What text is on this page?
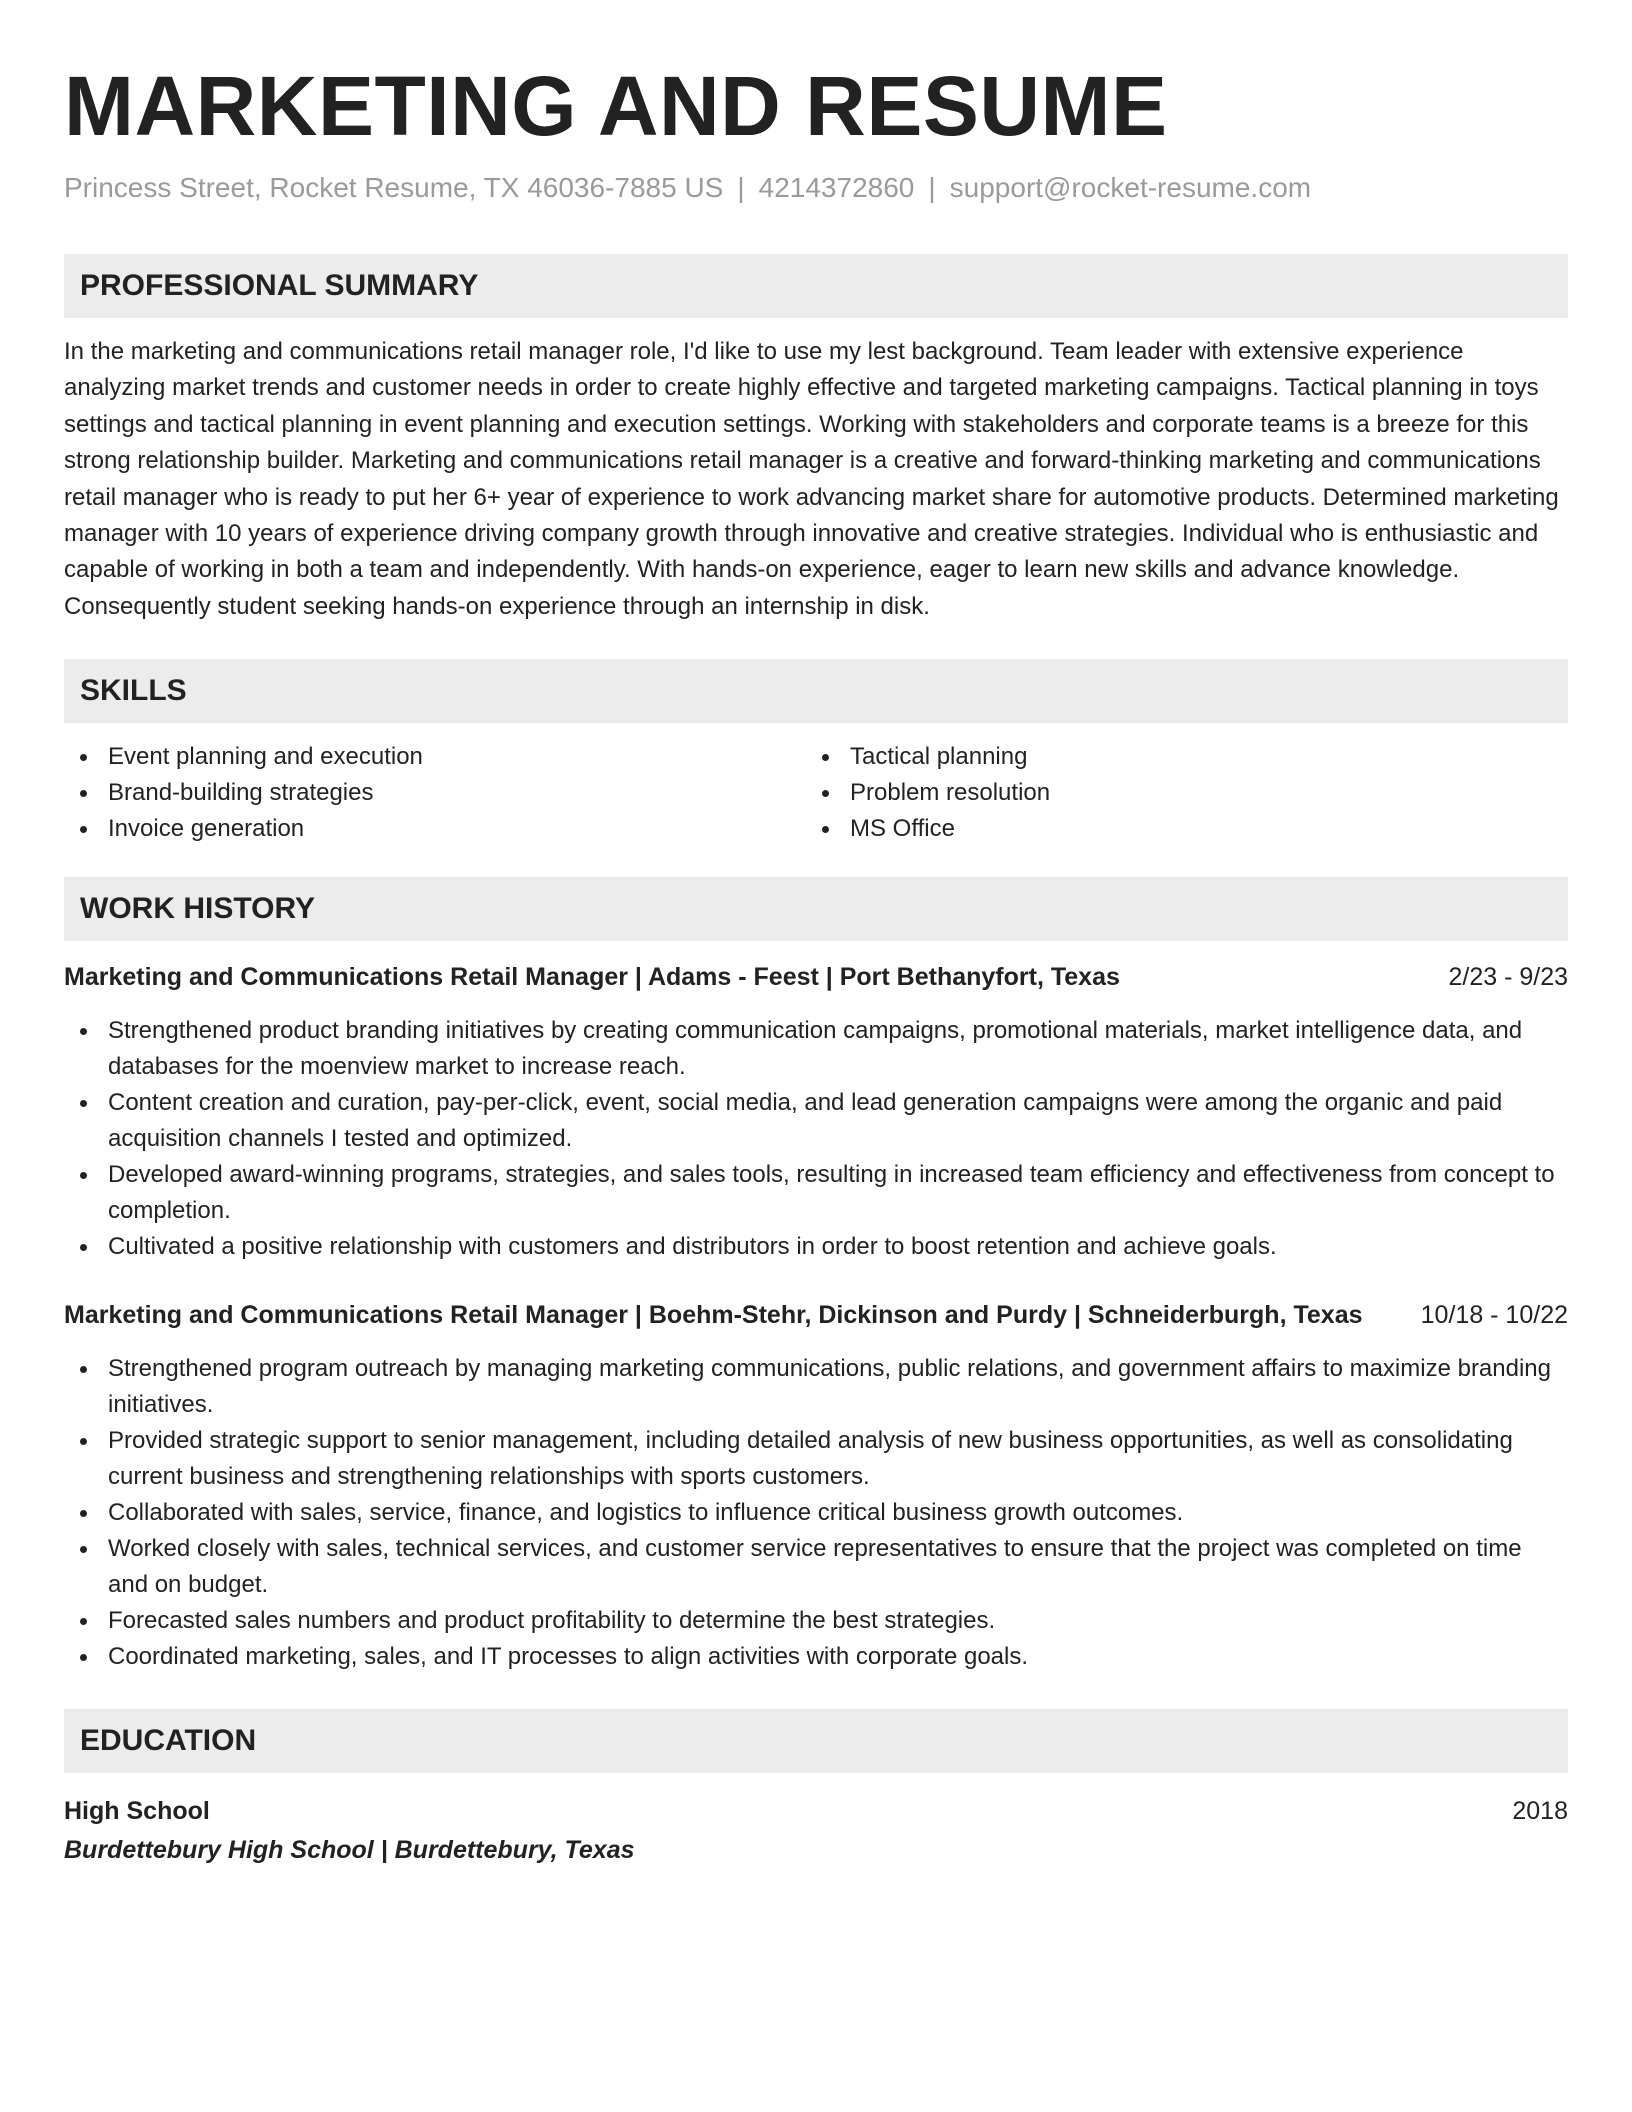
MARKETING AND RESUME
Princess Street, Rocket Resume, TX 46036-7885 US | 4214372860 | support@rocket-resume.com
PROFESSIONAL SUMMARY
In the marketing and communications retail manager role, I'd like to use my lest background. Team leader with extensive experience analyzing market trends and customer needs in order to create highly effective and targeted marketing campaigns. Tactical planning in toys settings and tactical planning in event planning and execution settings. Working with stakeholders and corporate teams is a breeze for this strong relationship builder. Marketing and communications retail manager is a creative and forward-thinking marketing and communications retail manager who is ready to put her 6+ year of experience to work advancing market share for automotive products. Determined marketing manager with 10 years of experience driving company growth through innovative and creative strategies. Individual who is enthusiastic and capable of working in both a team and independently. With hands-on experience, eager to learn new skills and advance knowledge. Consequently student seeking hands-on experience through an internship in disk.
SKILLS
Event planning and execution
Brand-building strategies
Invoice generation
Tactical planning
Problem resolution
MS Office
WORK HISTORY
Marketing and Communications Retail Manager | Adams - Feest | Port Bethanyfort, Texas	2/23 - 9/23
Strengthened product branding initiatives by creating communication campaigns, promotional materials, market intelligence data, and databases for the moenview market to increase reach.
Content creation and curation, pay-per-click, event, social media, and lead generation campaigns were among the organic and paid acquisition channels I tested and optimized.
Developed award-winning programs, strategies, and sales tools, resulting in increased team efficiency and effectiveness from concept to completion.
Cultivated a positive relationship with customers and distributors in order to boost retention and achieve goals.
Marketing and Communications Retail Manager | Boehm-Stehr, Dickinson and Purdy | Schneiderburgh, Texas 10/18 - 10/22
Strengthened program outreach by managing marketing communications, public relations, and government affairs to maximize branding initiatives.
Provided strategic support to senior management, including detailed analysis of new business opportunities, as well as consolidating current business and strengthening relationships with sports customers.
Collaborated with sales, service, finance, and logistics to influence critical business growth outcomes.
Worked closely with sales, technical services, and customer service representatives to ensure that the project was completed on time and on budget.
Forecasted sales numbers and product profitability to determine the best strategies.
Coordinated marketing, sales, and IT processes to align activities with corporate goals.
EDUCATION
High School	2018
Burdettebury High School | Burdettebury, Texas
